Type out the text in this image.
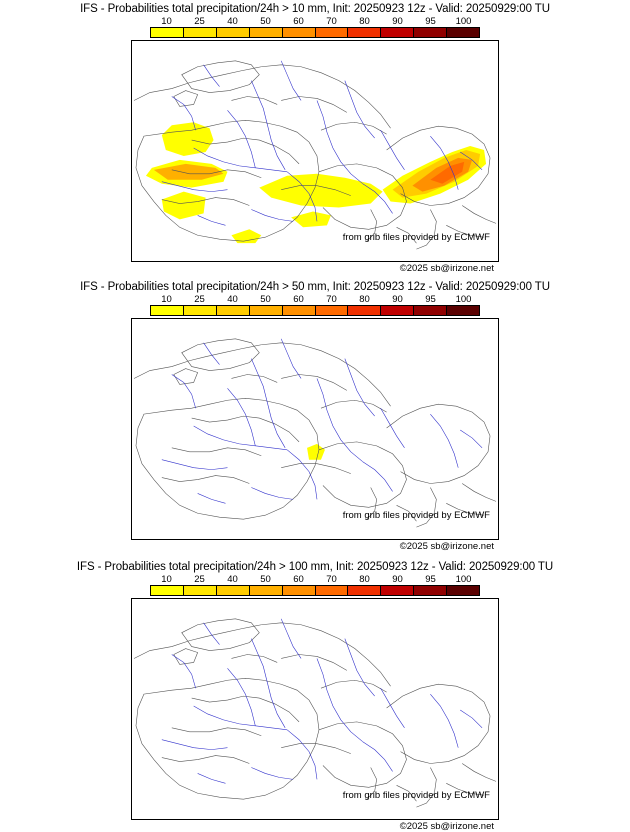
IFS - Probabilities total precipitation/24h > 10 mm, Init: 20250923 12z - Valid: 20250929:00 TU
10 25 40 50 60 70 80 90 95 100
from grib files provided by ECMWF
©2025 sb@irizone.net
IFS - Probabilities total precipitation/24h > 50 mm, Init: 20250923 12z - Valid: 20250929:00 TU
10 25 40 50 60 70 80 90 95 100
from grib files provided by ECMWF
©2025 sb@irizone.net
IFS - Probabilities total precipitation/24h > 100 mm, Init: 20250923 12z - Valid: 20250929:00 TU
10 25 40 50 60 70 80 90 95 100
from grib files provided by ECMWF
©2025 sb@irizone.net
